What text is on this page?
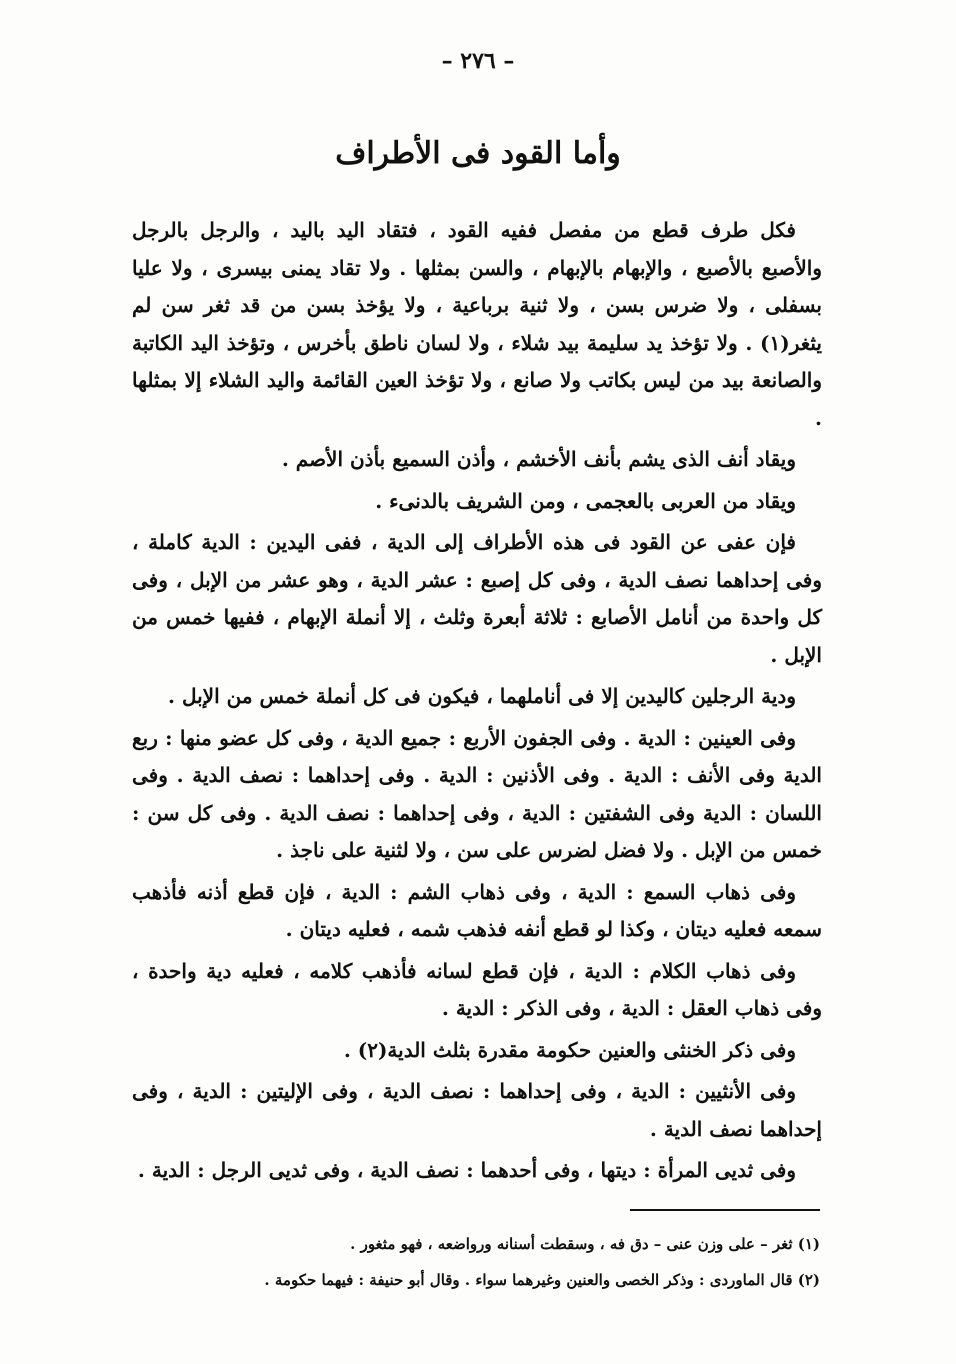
– ٢٧٦ –
وأما القود فى الأطراف

فكل طرف قطع من مفصل ففيه القود ، فتقاد اليد باليد ، والرجل بالرجل والأصبع بالأصبع ، والإبهام بالإبهام ، والسن بمثلها . ولا تقاد يمنى بيسرى ، ولا عليا بسفلى ، ولا ضرس بسن ، ولا ثنية برباعية ، ولا يؤخذ بسن من قد ثغر سن لم يثغر(١) . ولا تؤخذ يد سليمة بيد شلاء ، ولا لسان ناطق بأخرس ، وتؤخذ اليد الكاتبة والصانعة بيد من ليس بكاتب ولا صانع ، ولا تؤخذ العين القائمة واليد الشلاء إلا بمثلها .

ويقاد أنف الذى يشم بأنف الأخشم ، وأذن السميع بأذن الأصم .

ويقاد من العربى بالعجمى ، ومن الشريف بالدنىء .

فإن عفى عن القود فى هذه الأطراف إلى الدية ، ففى اليدين : الدية كاملة ، وفى إحداهما نصف الدية ، وفى كل إصبع : عشر الدية ، وهو عشر من الإبل ، وفى كل واحدة من أنامل الأصابع : ثلاثة أبعرة وثلث ، إلا أنملة الإبهام ، ففيها خمس من الإبل .

ودية الرجلين كاليدين إلا فى أناملهما ، فيكون فى كل أنملة خمس من الإبل .

وفى العينين : الدية . وفى الجفون الأربع : جميع الدية ، وفى كل عضو منها : ربع الدية وفى الأنف : الدية . وفى الأذنين : الدية . وفى إحداهما : نصف الدية . وفى اللسان : الدية وفى الشفتين : الدية ، وفى إحداهما : نصف الدية . وفى كل سن : خمس من الإبل . ولا فضل لضرس على سن ، ولا لثنية على ناجذ .

وفى ذهاب السمع : الدية ، وفى ذهاب الشم : الدية ، فإن قطع أذنه فأذهب سمعه فعليه ديتان ، وكذا لو قطع أنفه فذهب شمه ، فعليه ديتان .

وفى ذهاب الكلام : الدية ، فإن قطع لسانه فأذهب كلامه ، فعليه دية واحدة ، وفى ذهاب العقل : الدية ، وفى الذكر : الدية .

وفى ذكر الخنثى والعنين حكومة مقدرة بثلث الدية(٢) .

وفى الأنثيين : الدية ، وفى إحداهما : نصف الدية ، وفى الإليتين : الدية ، وفى إحداهما نصف الدية .

وفى ثديى المرأة : ديتها ، وفى أحدهما : نصف الدية ، وفى ثديى الرجل : الدية .

(١) ثغر – على وزن عنى – دق فه ، وسقطت أسنانه ورواضعه ، فهو مثغور .

(٢) قال الماوردى : وذكر الخصى والعنين وغيرهما سواء . وقال أبو حنيفة : فيهما حكومة .
